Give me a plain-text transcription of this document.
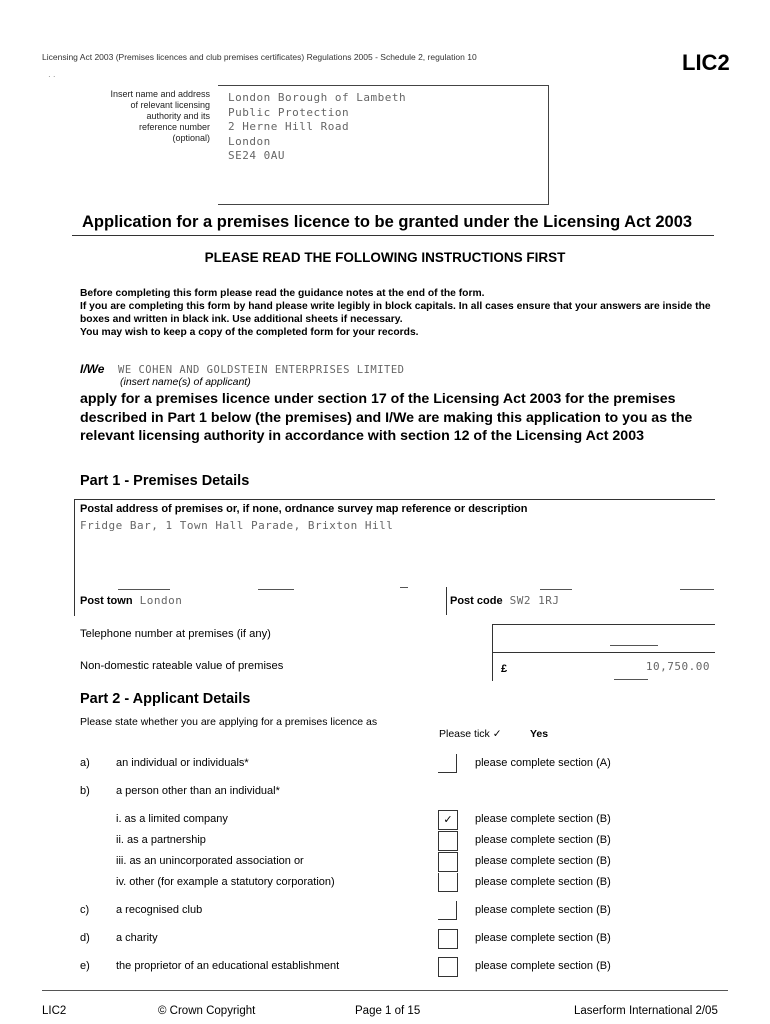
Licensing Act 2003 (Premises licences and club premises certificates) Regulations 2005 - Schedule 2, regulation 10	LIC2
· ·
Insert name and address
of relevant licensing
authority and its
reference number
(optional)
London Borough of Lambeth
Public Protection
2 Herne Hill Road
London
SE24 0AU
Application for a premises licence to be granted under the Licensing Act 2003
PLEASE READ THE FOLLOWING INSTRUCTIONS FIRST
Before completing this form please read the guidance notes at the end of the form.
If you are completing this form by hand please write legibly in block capitals. In all cases ensure that your answers are inside the boxes and written in black ink. Use additional sheets if necessary.
You may wish to keep a copy of the completed form for your records.
I/We WE COHEN AND GOLDSTEIN ENTERPRISES LIMITED
(insert name(s) of applicant)
apply for a premises licence under section 17 of the Licensing Act 2003 for the premises described in Part 1 below (the premises) and I/We are making this application to you as the relevant licensing authority in accordance with section 12 of the Licensing Act 2003
Part 1 - Premises Details
Postal address of premises or, if none, ordnance survey map reference or description
Fridge Bar, 1 Town Hall Parade, Brixton Hill
Post town London	Post code SW2 1RJ
Telephone number at premises (if any)
Non-domestic rateable value of premises	£	10,750.00
Part 2 - Applicant Details
Please state whether you are applying for a premises licence as
Please tick ✓	Yes
a) an individual or individuals*	please complete section (A)
b) a person other than an individual*
i. as a limited company	✓	please complete section (B)
ii. as a partnership	please complete section (B)
iii. as an unincorporated association or	please complete section (B)
iv. other (for example a statutory corporation)	please complete section (B)
c) a recognised club	please complete section (B)
d) a charity	please complete section (B)
e) the proprietor of an educational establishment	please complete section (B)
LIC2	© Crown Copyright	Page 1 of 15	Laserform International 2/05
